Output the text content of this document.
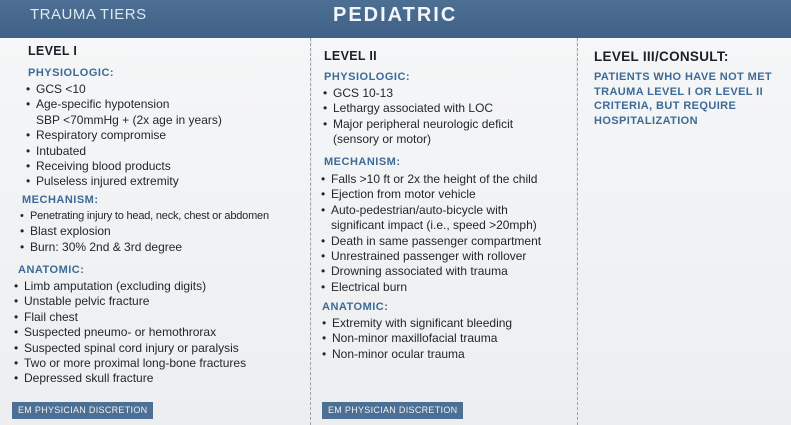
TRAUMA TIERS	PEDIATRIC
LEVEL I
PHYSIOLOGIC:
• GCS <10
• Age-specific hypotension
SBP <70mmHg + (2x age in years)
• Respiratory compromise
• Intubated
• Receiving blood products
• Pulseless injured extremity
MECHANISM:
• Penetrating injury to head, neck, chest or abdomen
• Blast explosion
• Burn: 30% 2nd & 3rd degree
ANATOMIC:
• Limb amputation (excluding digits)
• Unstable pelvic fracture
• Flail chest
• Suspected pneumo- or hemothrorax
• Suspected spinal cord injury or paralysis
• Two or more proximal long-bone fractures
• Depressed skull fracture
EM PHYSICIAN DISCRETION
LEVEL II
PHYSIOLOGIC:
• GCS 10-13
• Lethargy associated with LOC
• Major peripheral neurologic deficit
(sensory or motor)
MECHANISM:
• Falls >10 ft or 2x the height of the child
• Ejection from motor vehicle
• Auto-pedestrian/auto-bicycle with
significant impact (i.e., speed >20mph)
• Death in same passenger compartment
• Unrestrained passenger with rollover
• Drowning associated with trauma
• Electrical burn
ANATOMIC:
• Extremity with significant bleeding
• Non-minor maxillofacial trauma
• Non-minor ocular trauma
EM PHYSICIAN DISCRETION
LEVEL III/CONSULT:
PATIENTS WHO HAVE NOT MET TRAUMA LEVEL I OR LEVEL II CRITERIA, BUT REQUIRE HOSPITALIZATION
